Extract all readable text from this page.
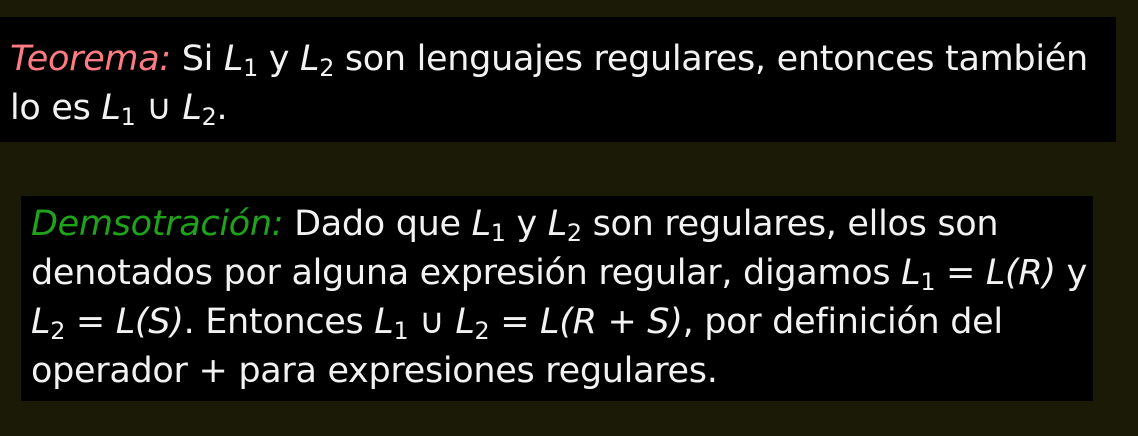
Teorema: Si $L_1$ y $L_2$ son lenguajes regulares, entonces también
lo es $L_1$ ∪ $L_2$.
Demsotración: Dado que $L_1$ y $L_2$ son regulares, ellos son
denotados por alguna expresión regular, digamos $L_1 = L(R)$ y
$L_2 = L(S)$. Entonces $L_1$ ∪ $L_2 = L(R + S)$, por definición del
operador + para expresiones regulares.
